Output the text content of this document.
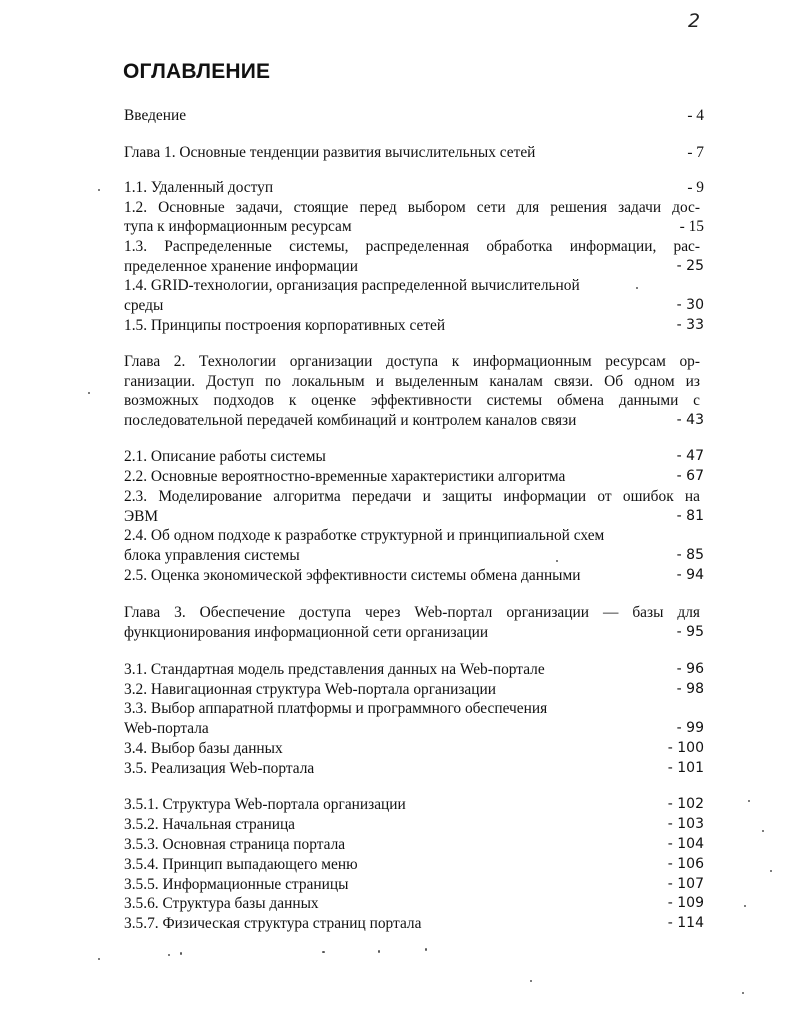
2
ОГЛАВЛЕНИЕ
Введение	- 4
Глава 1. Основные тенденции развития вычислительных сетей	- 7
1.1. Удаленный доступ	- 9
1.2. Основные задачи, стоящие перед выбором сети для решения задачи дос-
тупа к информационным ресурсам	- 15
1.3. Распределенные системы, распределенная обработка информации, рас-
пределенное хранение информации	- 25
1.4. GRID-технологии, организация распределенной вычислительной
среды	- 30
1.5. Принципы построения корпоративных сетей	- 33
Глава 2. Технологии организации доступа к информационным ресурсам ор-
ганизации. Доступ по локальным и выделенным каналам связи. Об одном из
возможных подходов к оценке эффективности системы обмена данными с
последовательной передачей комбинаций и контролем каналов связи	- 43
2.1. Описание работы системы	- 47
2.2. Основные вероятностно-временные характеристики алгоритма	- 67
2.3. Моделирование алгоритма передачи и защиты информации от ошибок на
ЭВМ	- 81
2.4. Об одном подходе к разработке структурной и принципиальной схем
блока управления системы	- 85
2.5. Оценка экономической эффективности системы обмена данными	- 94
Глава 3. Обеспечение доступа через Web-портал организации — базы для
функционирования информационной сети организации	- 95
3.1. Стандартная модель представления данных на Web-портале	- 96
3.2. Навигационная структура Web-портала организации	- 98
3.3. Выбор аппаратной платформы и программного обеспечения
Web-портала	- 99
3.4. Выбор базы данных	- 100
3.5. Реализация Web-портала	- 101
3.5.1. Структура Web-портала организации	- 102
3.5.2. Начальная страница	- 103
3.5.3. Основная страница портала	- 104
3.5.4. Принцип выпадающего меню	- 106
3.5.5. Информационные страницы	- 107
3.5.6. Структура базы данных	- 109
3.5.7. Физическая структура страниц портала	- 114
